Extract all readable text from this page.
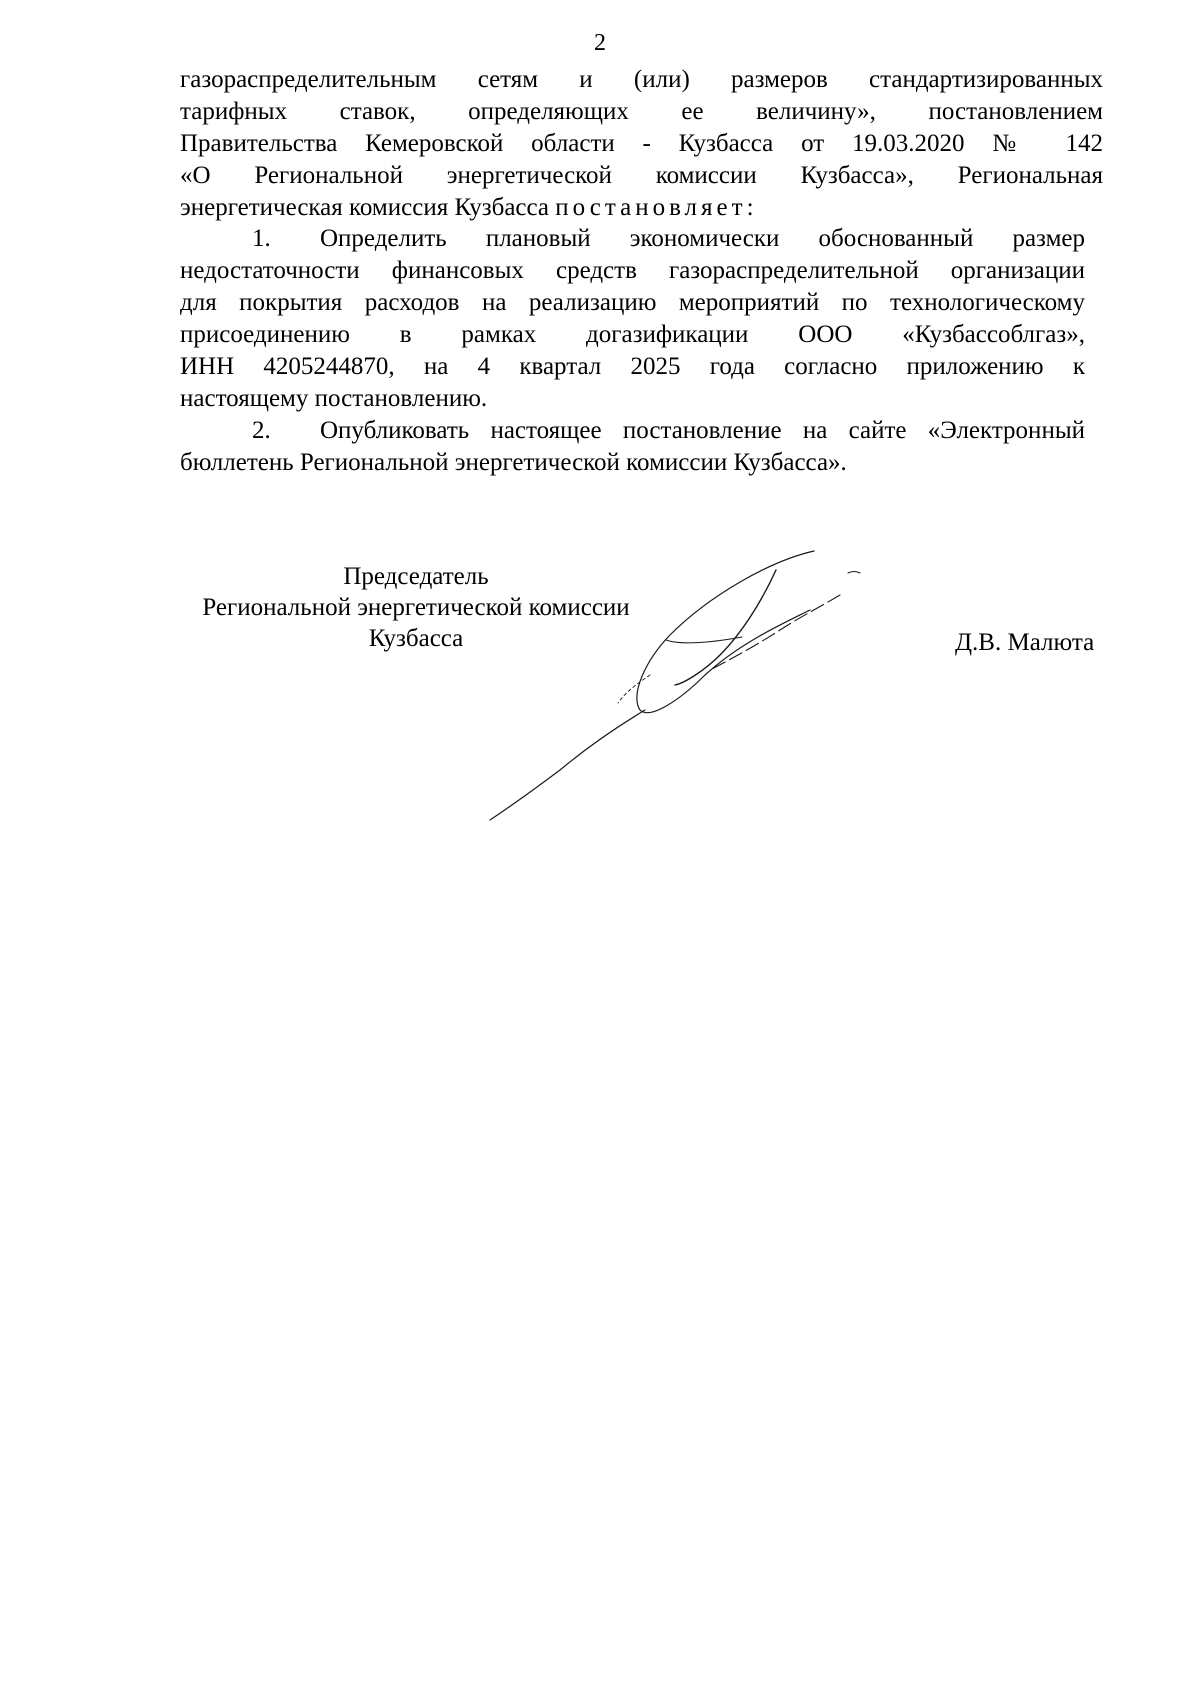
2
газораспределительным сетям и (или) размеров стандартизированных
тарифных ставок, определяющих ее величину», постановлением
Правительства Кемеровской области - Кузбасса от 19.03.2020 № 142
«О Региональной энергетической комиссии Кузбасса», Региональная
энергетическая комиссия Кузбасса постановляет:
1.	Определить плановый экономически обоснованный размер
недостаточности финансовых средств газораспределительной организации
для покрытия расходов на реализацию мероприятий по технологическому
присоединению в рамках догазификации ООО «Кузбассоблгаз»,
ИНН 4205244870, на 4 квартал 2025 года согласно приложению к
настоящему постановлению.
2.	Опубликовать настоящее постановление на сайте «Электронный
бюллетень Региональной энергетической комиссии Кузбасса».
Председатель
Региональной энергетической комиссии
Кузбасса	Д.В. Малюта
